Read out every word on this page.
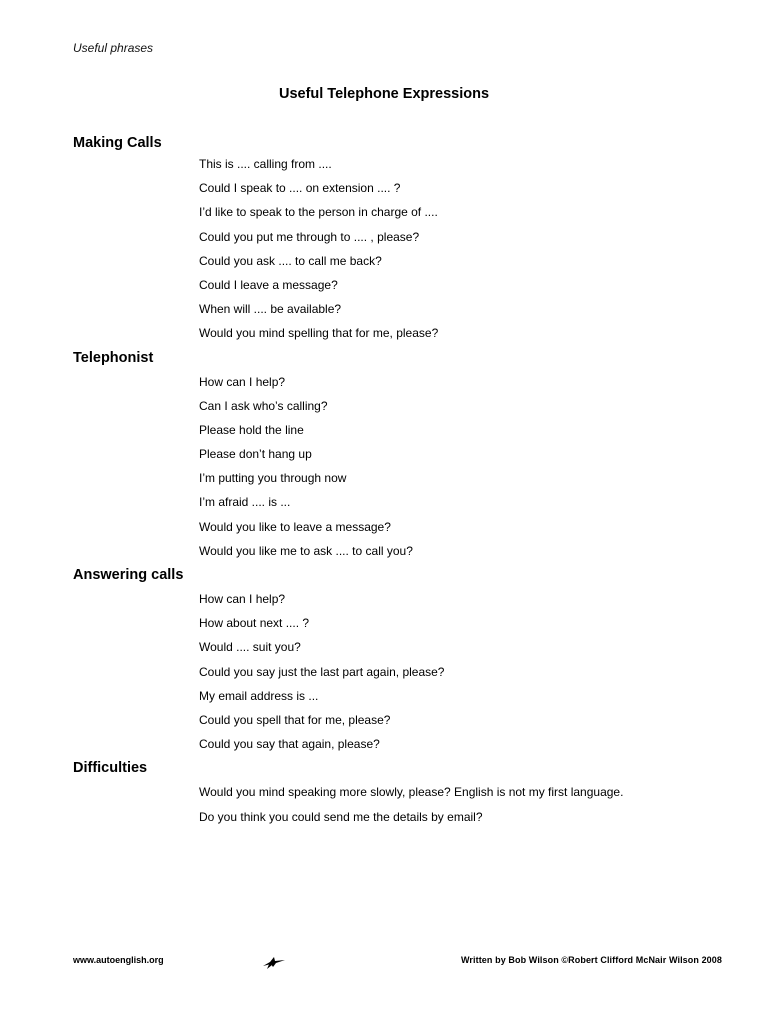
Useful phrases
Useful Telephone Expressions
Making Calls
This is .... calling from ....
Could I speak to .... on extension .... ?
I’d like to speak to the person in charge of ....
Could you put me through to .... , please?
Could you ask .... to call me back?
Could I leave a message?
When will .... be available?
Would you mind spelling that for me, please?
Telephonist
How can I help?
Can I ask who’s calling?
Please hold the line
Please don’t hang up
I’m putting you through now
I’m afraid .... is ...
Would you like to leave a message?
Would you like me to ask .... to call you?
Answering calls
How can I help?
How about next .... ?
Would .... suit you?
Could you say just the last part again, please?
My email address is ...
Could you spell that for me, please?
Could you say that again, please?
Difficulties
Would you mind speaking more slowly, please? English is not my first language.
Do you think you could send me the details by email?
www.autoenglish.org	Written by Bob Wilson ©Robert Clifford McNair Wilson 2008
